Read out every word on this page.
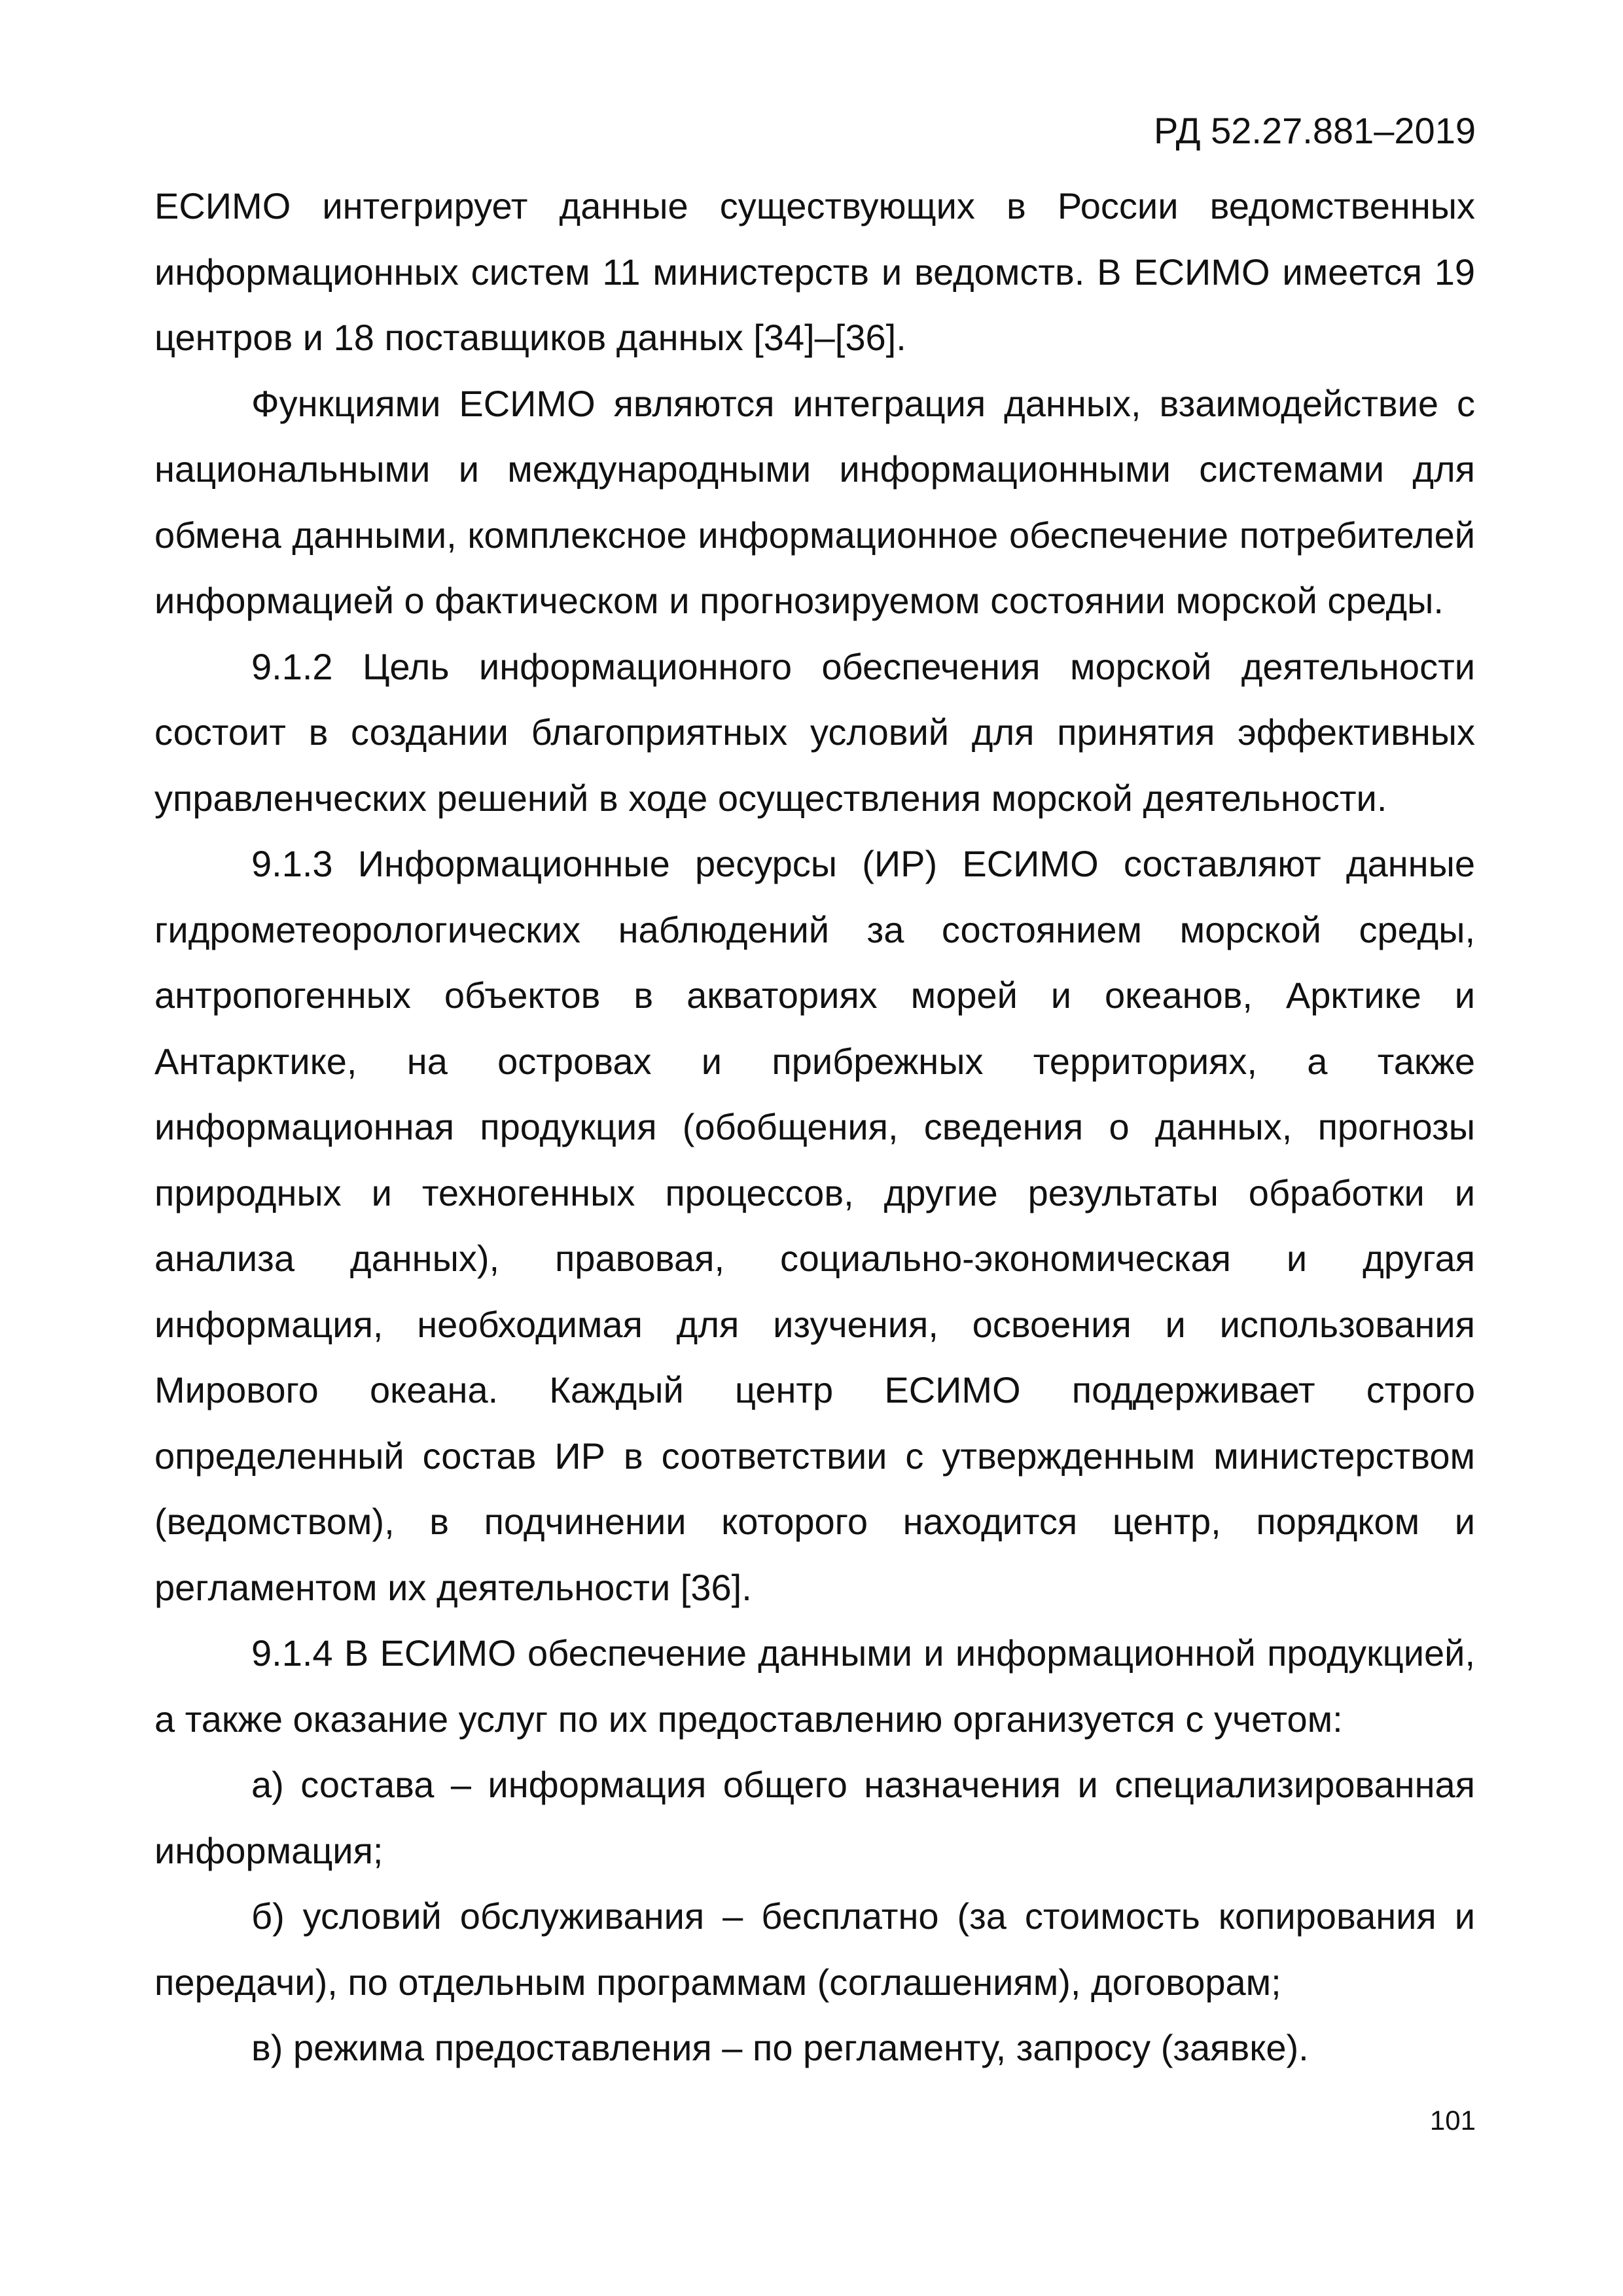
РД 52.27.881–2019

ЕСИМО интегрирует данные существующих в России ведомственных информационных систем 11 министерств и ведомств. В ЕСИМО имеется 19 центров и 18 поставщиков данных [34]–[36].

Функциями ЕСИМО являются интеграция данных, взаимодействие с национальными и международными информационными системами для обмена данными, комплексное информационное обеспечение потребителей информацией о фактическом и прогнозируемом состоянии морской среды.

9.1.2 Цель информационного обеспечения морской деятельности состоит в создании благоприятных условий для принятия эффективных управленческих решений в ходе осуществления морской деятельности.

9.1.3 Информационные ресурсы (ИР) ЕСИМО составляют данные гидрометеорологических наблюдений за состоянием морской среды, антропогенных объектов в акваториях морей и океанов, Арктике и Антарктике, на островах и прибрежных территориях, а также информационная продукция (обобщения, сведения о данных, прогнозы природных и техногенных процессов, другие результаты обработки и анализа данных), правовая, социально-экономическая и другая информация, необходимая для изучения, освоения и использования Мирового океана. Каждый центр ЕСИМО поддерживает строго определенный состав ИР в соответствии с утвержденным министерством (ведомством), в подчинении которого находится центр, порядком и регламентом их деятельности [36].

9.1.4 В ЕСИМО обеспечение данными и информационной продукцией, а также оказание услуг по их предоставлению организуется с учетом:

а) состава – информация общего назначения и специализированная информация;

б) условий обслуживания – бесплатно (за стоимость копирования и передачи), по отдельным программам (соглашениям), договорам;

в) режима предоставления – по регламенту, запросу (заявке).

101
